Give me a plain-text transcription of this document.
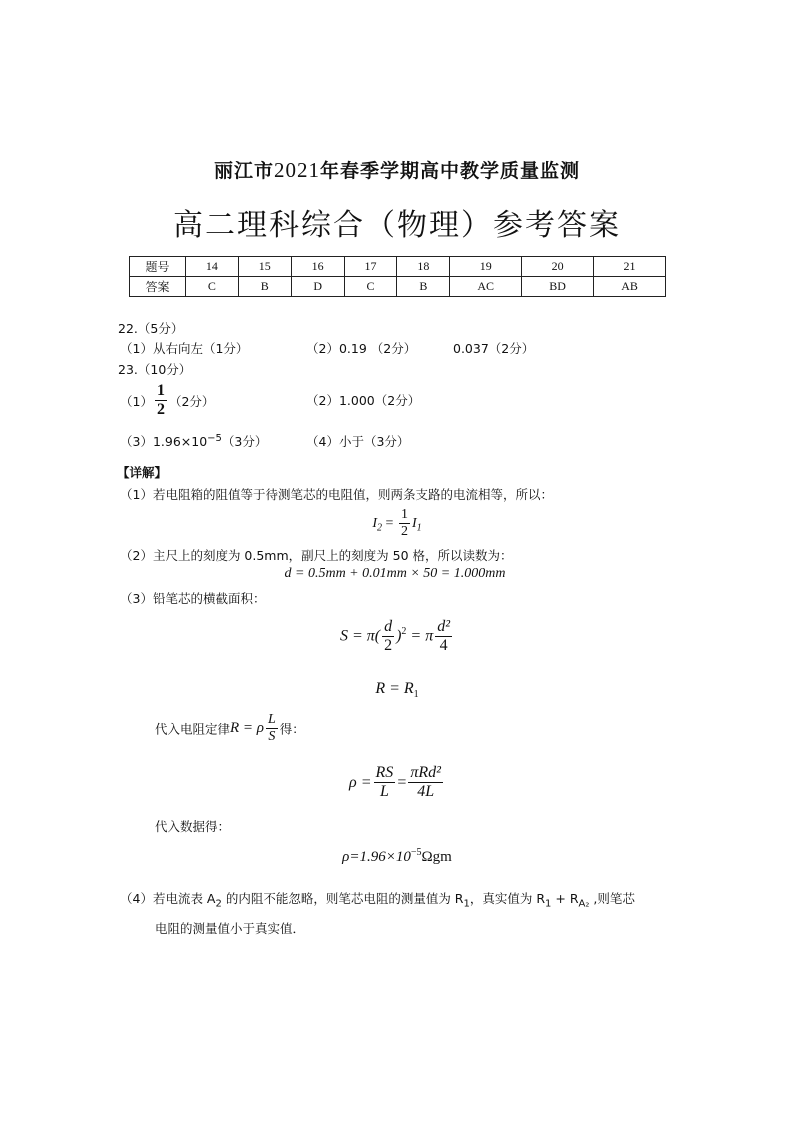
丽江市2021年春季学期高中教学质量监测
高二理科综合（物理）参考答案
题号	14	15	16	17	18	19	20	21
答案	C	B	D	C	B	AC	BD	AB
22.（5分）
（1）从右向左（1分）	（2）0.19 （2分）	0.037（2分）
23.（10分）
$(1) \frac{1}{2} (2$分）	（2）1.000（2分）
$(3)1.96\times 10^{-5}(3$分）	（4）小于（3分）
【详解】
（1）若电阻箱的阻值等于待测笔芯的电阻值，则两条支路的电流相等，所以：
$I_2 = \frac{1}{2} I_1$
（2）主尺上的刻度为 0.5mm，副尺上的刻度为 50 格，所以读数为：
d = 0.5mm + 0.01mm × 50 = 1.000mm
（3）铅笔芯的横截面积：
$S = \pi( \frac{d}{2} )^2 = \pi \frac{\text{d²}}{4}$
$R = R_1$
代入电阻定律R = ρ $\frac{L}{S}$ 得：
$\rho = \frac{RS}{L} = \frac{\text{πRd²}}{4L}$
代入数据得：
$\rho=1.96\times 10^{-5}\Omega gm$
（4）若电流表 $A_2$ 的内阻不能忽略，则笔芯电阻的测量值为 $R_1$，真实值为 $R_1 + R_{A_2}$ ,则笔芯
电阻的测量值小于真实值．
